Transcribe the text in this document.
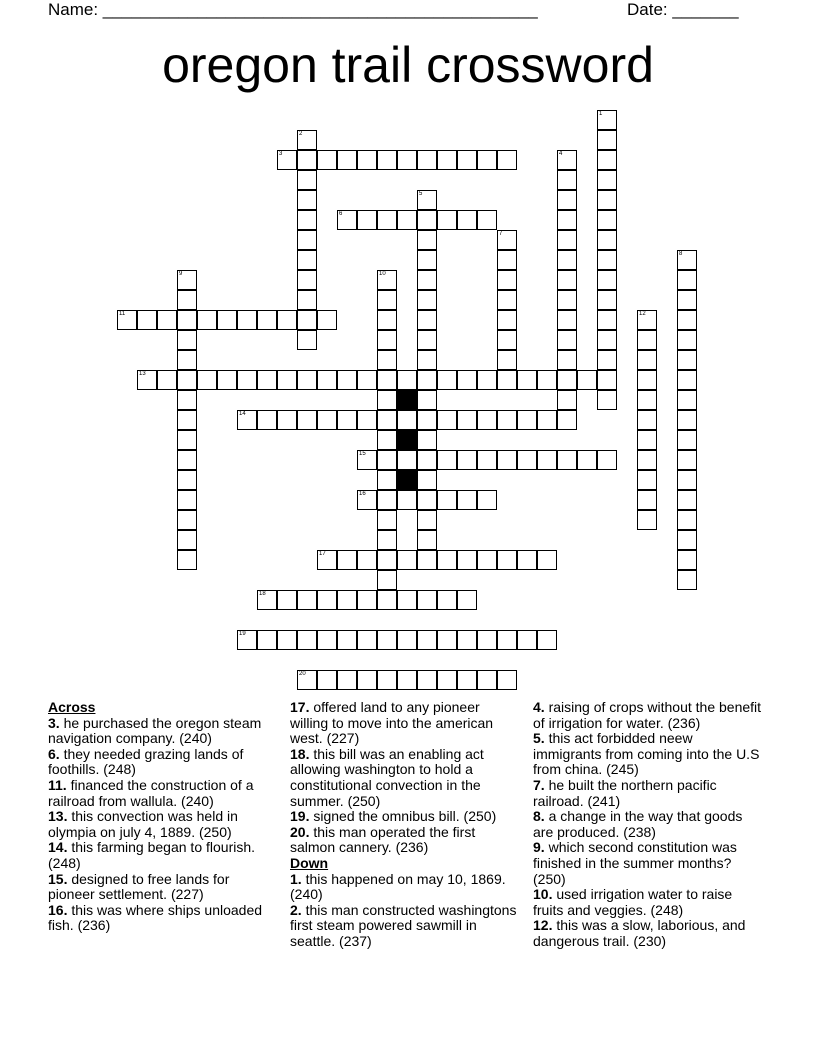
Name: ______________________________________________	Date: _______
oregon trail crossword
1
2
3	4
5
6
7
8
9	10
11	12
13
14
15
16
17
18
19
20
Across
3. he purchased the oregon steam navigation company. (240)
6. they needed grazing lands of foothills. (248)
11. financed the construction of a railroad from wallula. (240)
13. this convection was held in olympia on july 4, 1889. (250)
14. this farming began to flourish. (248)
15. designed to free lands for pioneer settlement. (227)
16. this was where ships unloaded fish. (236)
17. offered land to any pioneer willing to move into the american west. (227)
18. this bill was an enabling act allowing washington to hold a constitutional convection in the summer. (250)
19. signed the omnibus bill. (250)
20. this man operated the first salmon cannery. (236)
Down
1. this happened on may 10, 1869. (240)
2. this man constructed washingtons first steam powered sawmill in seattle. (237)
4. raising of crops without the benefit of irrigation for water. (236)
5. this act forbidded neew immigrants from coming into the U.S from china. (245)
7. he built the northern pacific railroad. (241)
8. a change in the way that goods are produced. (238)
9. which second constitution was finished in the summer months? (250)
10. used irrigation water to raise fruits and veggies. (248)
12. this was a slow, laborious, and dangerous trail. (230)
